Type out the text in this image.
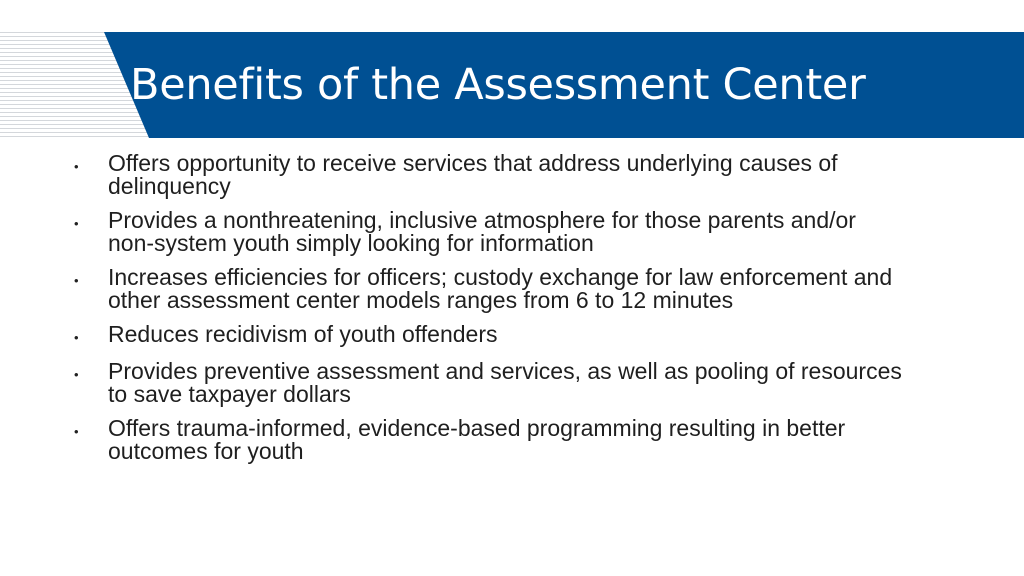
Benefits of the Assessment Center
•	Offers opportunity to receive services that address underlying causes of delinquency
•	Provides a nonthreatening, inclusive atmosphere for those parents and/or non-system youth simply looking for information
•	Increases efficiencies for officers; custody exchange for law enforcement and other assessment center models ranges from 6 to 12 minutes
•	Reduces recidivism of youth offenders
•	Provides preventive assessment and services, as well as pooling of resources to save taxpayer dollars
•	Offers trauma-informed, evidence-based programming resulting in better outcomes for youth
